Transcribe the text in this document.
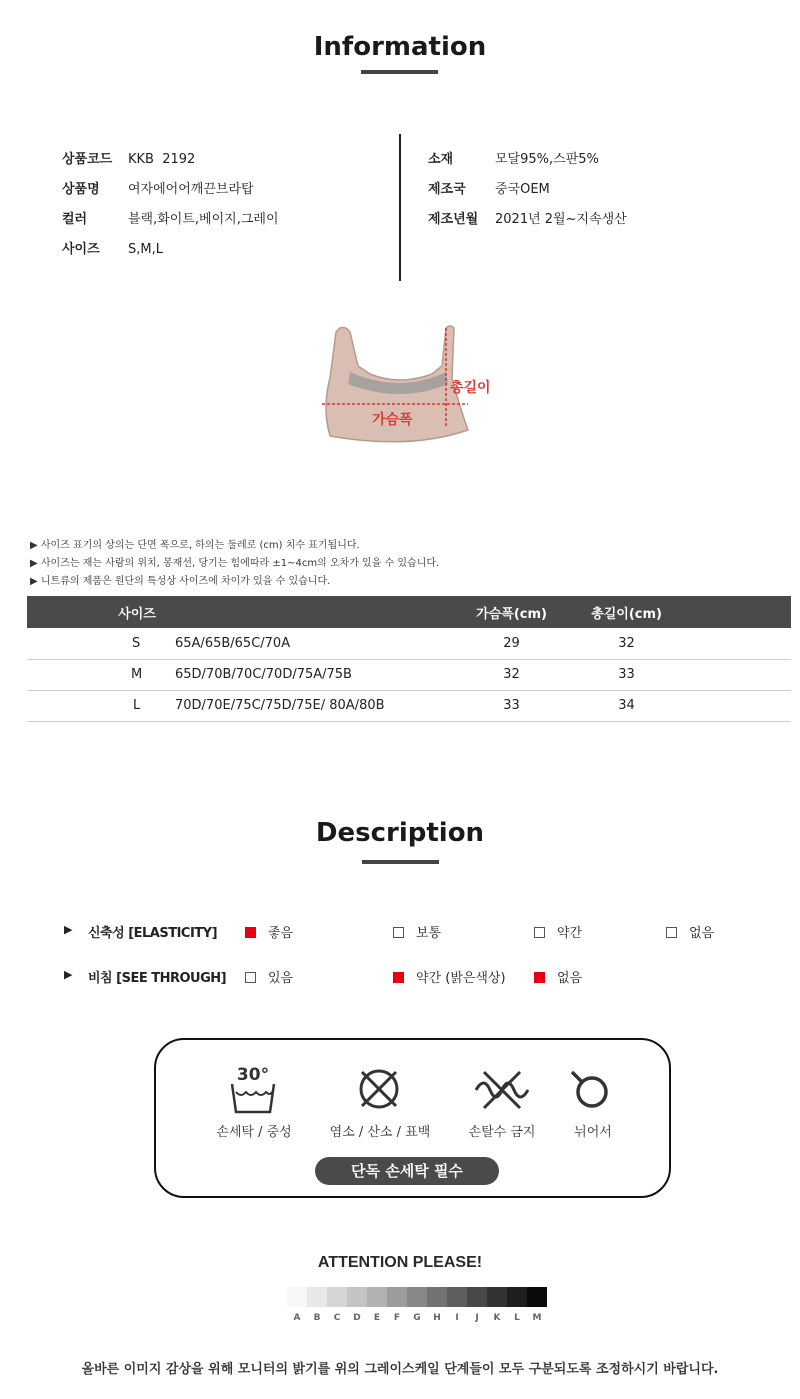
Information
상품코드 KKB  2192
상품명 여자에어어깨끈브라탑
컬러	블랙,화이트,베이지,그레이
사이즈 S,M,L
소재	모달95%,스판5%
제조국 중국OEM
제조년월 2021년 2월~지속생산
총길이
가슴폭
▶ 사이즈 표기의 상의는 단면 폭으로, 하의는 둘레로 (cm) 치수 표기됩니다.
▶ 사이즈는 재는 사람의 위치, 봉재선, 당기는 힘에따라 ±1~4cm의 오차가 있을 수 있습니다.
▶ 니트류의 제품은 원단의 특성상 사이즈에 차이가 있을 수 있습니다.
사이즈		가슴폭(cm)	총길이(cm)	
S	65A/65B/65C/70A	29	32	
M	65D/70B/70C/70D/75A/75B	32	33	
L	70D/70E/75C/75D/75E/ 80A/80B	33	34	
Description
▶ 신축성 [ELASTICITY]	좋음	보통	약간	없음
▶ 비침 [SEE THROUGH]	있음	약간 (밝은색상)	없음
30°
손세탁 / 중성	염소 / 산소 / 표백	손탈수 금지	뉘어서
단독 손세탁 필수
ATTENTION PLEASE!
A	B	C	D	E	F	G	H	I	J	K	L	M
올바른 이미지 감상을 위해 모니터의 밝기를 위의 그레이스케일 단계들이 모두 구분되도록 조정하시기 바랍니다.
